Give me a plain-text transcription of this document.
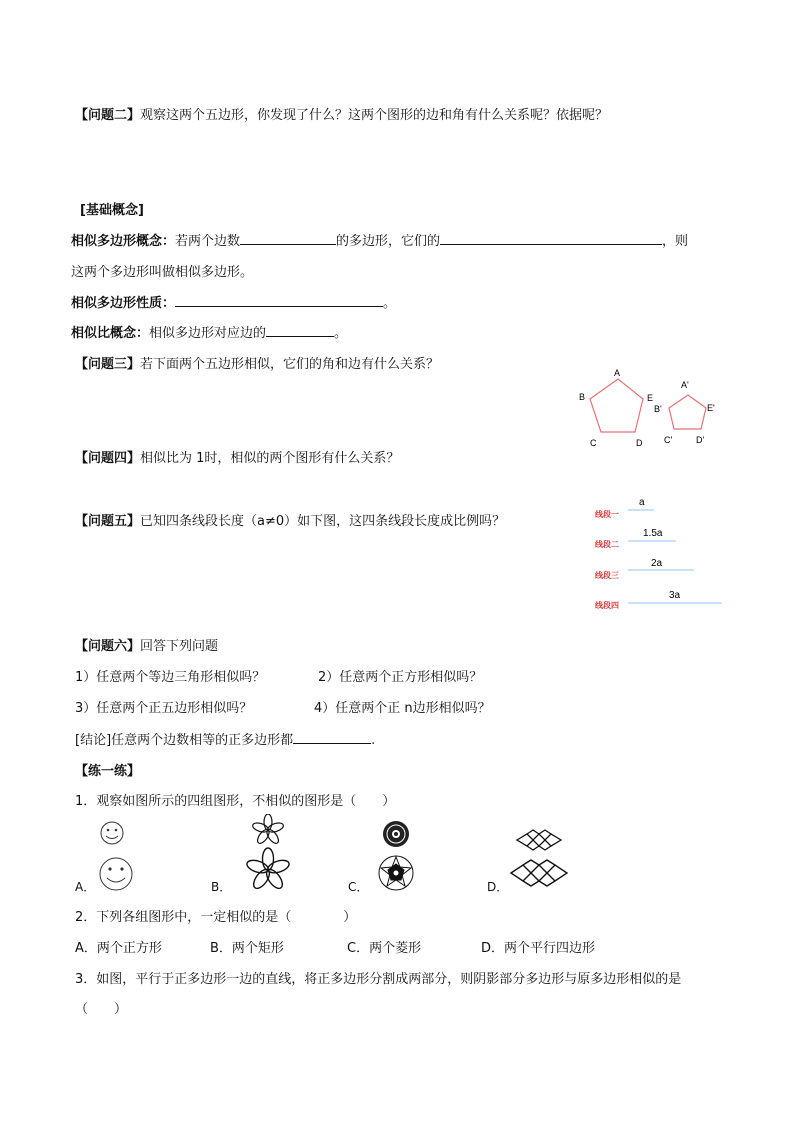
【问题二】观察这两个五边形，你发现了什么？这两个图形的边和角有什么关系呢？依据呢？
[基础概念]
相似多边形概念：若两个边数	的多边形，它们的	，则
这两个多边形叫做相似多边形。
相似多边形性质：	。
相似比概念：相似多边形对应边的	。
【问题三】若下面两个五边形相似，它们的角和边有什么关系？
A
B	E
C	D
A'
B'	E'
C'	D'
【问题四】相似比为 1时，相似的两个图形有什么关系？
【问题五】已知四条线段长度（a≠0）如下图，这四条线段长度成比例吗？	线段一
a
线段二
1.5a
线段三
2a
线段四
3a
【问题六】回答下列问题
1）任意两个等边三角形相似吗？	2）任意两个正方形相似吗？
3）任意两个正五边形相似吗？	4）任意两个正 n边形相似吗？
[结论]任意两个边数相等的正多边形都	.
【练一练】
1．观察如图所示的四组图形，不相似的图形是（　　）
A．	B．	C．	D．
2．下列各组图形中，一定相似的是（　　　　）
A．两个正方形	B．两个矩形	C．两个菱形	D．两个平行四边形
3．如图，平行于正多边形一边的直线，将正多边形分割成两部分，则阴影部分多边形与原多边形相似的是
（　　）
